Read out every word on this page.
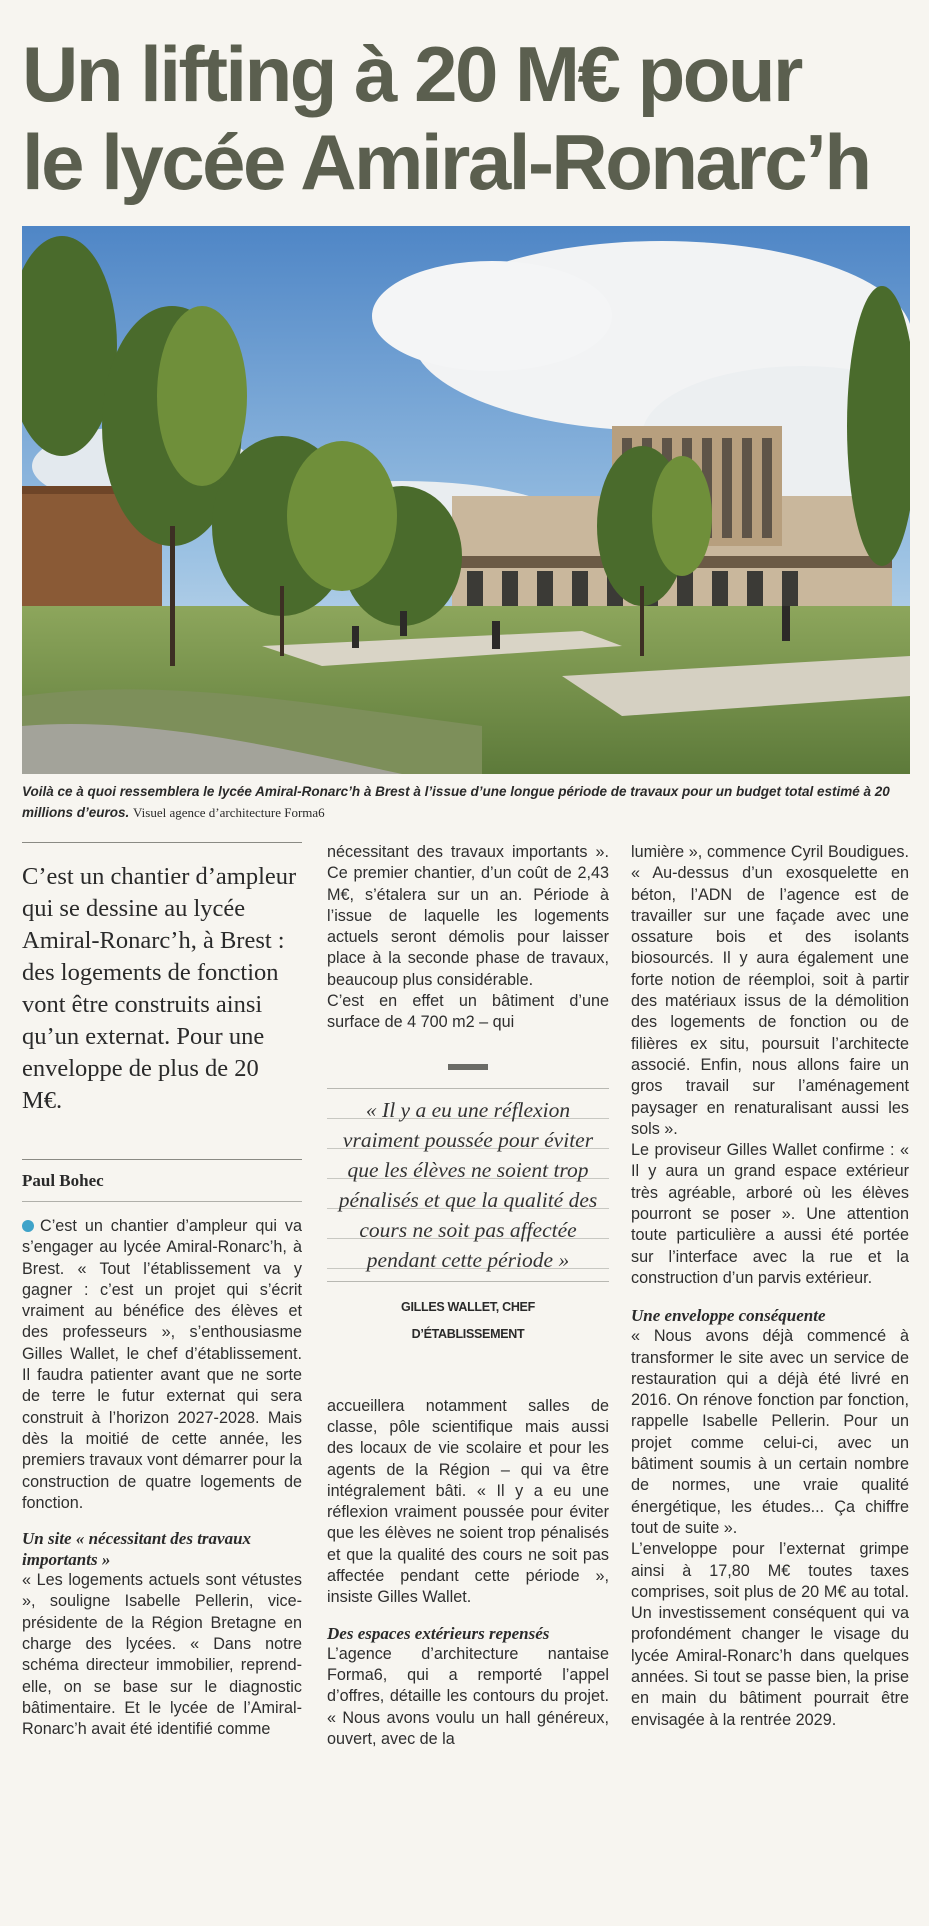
Un lifting à 20 M€ pour
le lycée Amiral-Ronarc’h
Voilà ce à quoi ressemblera le lycée Amiral-Ronarc’h à Brest à l’issue d’une longue période de travaux pour un budget total estimé à 20 millions d’euros. Visuel agence d’architecture Forma6

C’est un chantier d’ampleur qui se dessine au lycée Amiral-Ronarc’h, à Brest : des logements de fonction vont être construits ainsi qu’un externat. Pour une enveloppe de plus de 20 M€.

Paul Bohec

C’est un chantier d’ampleur qui va s’engager au lycée Amiral-Ronarc’h, à Brest. « Tout l’établissement va y gagner : c’est un projet qui s’écrit vraiment au bénéfice des élèves et des professeurs », s’enthousiasme Gilles Wallet, le chef d’établissement. Il faudra patienter avant que ne sorte de terre le futur externat qui sera construit à l’horizon 2027-2028. Mais dès la moitié de cette année, les premiers travaux vont démarrer pour la construction de quatre logements de fonction.

Un site « nécessitant des travaux importants »

« Les logements actuels sont vétustes », souligne Isabelle Pellerin, vice-présidente de la Région Bretagne en charge des lycées. « Dans notre schéma directeur immobilier, reprend-elle, on se base sur le diagnostic bâtimentaire. Et le lycée de l’Amiral-Ronarc’h avait été identifié comme

nécessitant des travaux importants ». Ce premier chantier, d’un coût de 2,43 M€, s’étalera sur un an. Période à l’issue de laquelle les logements actuels seront démolis pour laisser place à la seconde phase de travaux, beaucoup plus considérable.

C’est en effet un bâtiment d’une surface de 4 700 m2 – qui

« Il y a eu une réflexion vraiment poussée pour éviter que les élèves ne soient trop pénalisés et que la qualité des cours ne soit pas affectée pendant cette période »

GILLES WALLET, CHEF
D’ÉTABLISSEMENT

accueillera notamment salles de classe, pôle scientifique mais aussi des locaux de vie scolaire et pour les agents de la Région – qui va être intégralement bâti. « Il y a eu une réflexion vraiment poussée pour éviter que les élèves ne soient trop pénalisés et que la qualité des cours ne soit pas affectée pendant cette période », insiste Gilles Wallet.

Des espaces extérieurs repensés

L’agence d’architecture nantaise Forma6, qui a remporté l’appel d’offres, détaille les contours du projet. « Nous avons voulu un hall généreux, ouvert, avec de la

lumière », commence Cyril Boudigues. « Au-dessus d’un exosquelette en béton, l’ADN de l’agence est de travailler sur une façade avec une ossature bois et des isolants biosourcés. Il y aura également une forte notion de réemploi, soit à partir des matériaux issus de la démolition des logements de fonction ou de filières ex situ, poursuit l’architecte associé. Enfin, nous allons faire un gros travail sur l’aménagement paysager en renaturalisant aussi les sols ».

Le proviseur Gilles Wallet confirme : « Il y aura un grand espace extérieur très agréable, arboré où les élèves pourront se poser ». Une attention toute particulière a aussi été portée sur l’interface avec la rue et la construction d’un parvis extérieur.

Une enveloppe conséquente

« Nous avons déjà commencé à transformer le site avec un service de restauration qui a déjà été livré en 2016. On rénove fonction par fonction, rappelle Isabelle Pellerin. Pour un projet comme celui-ci, avec un bâtiment soumis à un certain nombre de normes, une vraie qualité énergétique, les études... Ça chiffre tout de suite ».

L’enveloppe pour l’externat grimpe ainsi à 17,80 M€ toutes taxes comprises, soit plus de 20 M€ au total. Un investissement conséquent qui va profondément changer le visage du lycée Amiral-Ronarc’h dans quelques années. Si tout se passe bien, la prise en main du bâtiment pourrait être envisagée à la rentrée 2029.
